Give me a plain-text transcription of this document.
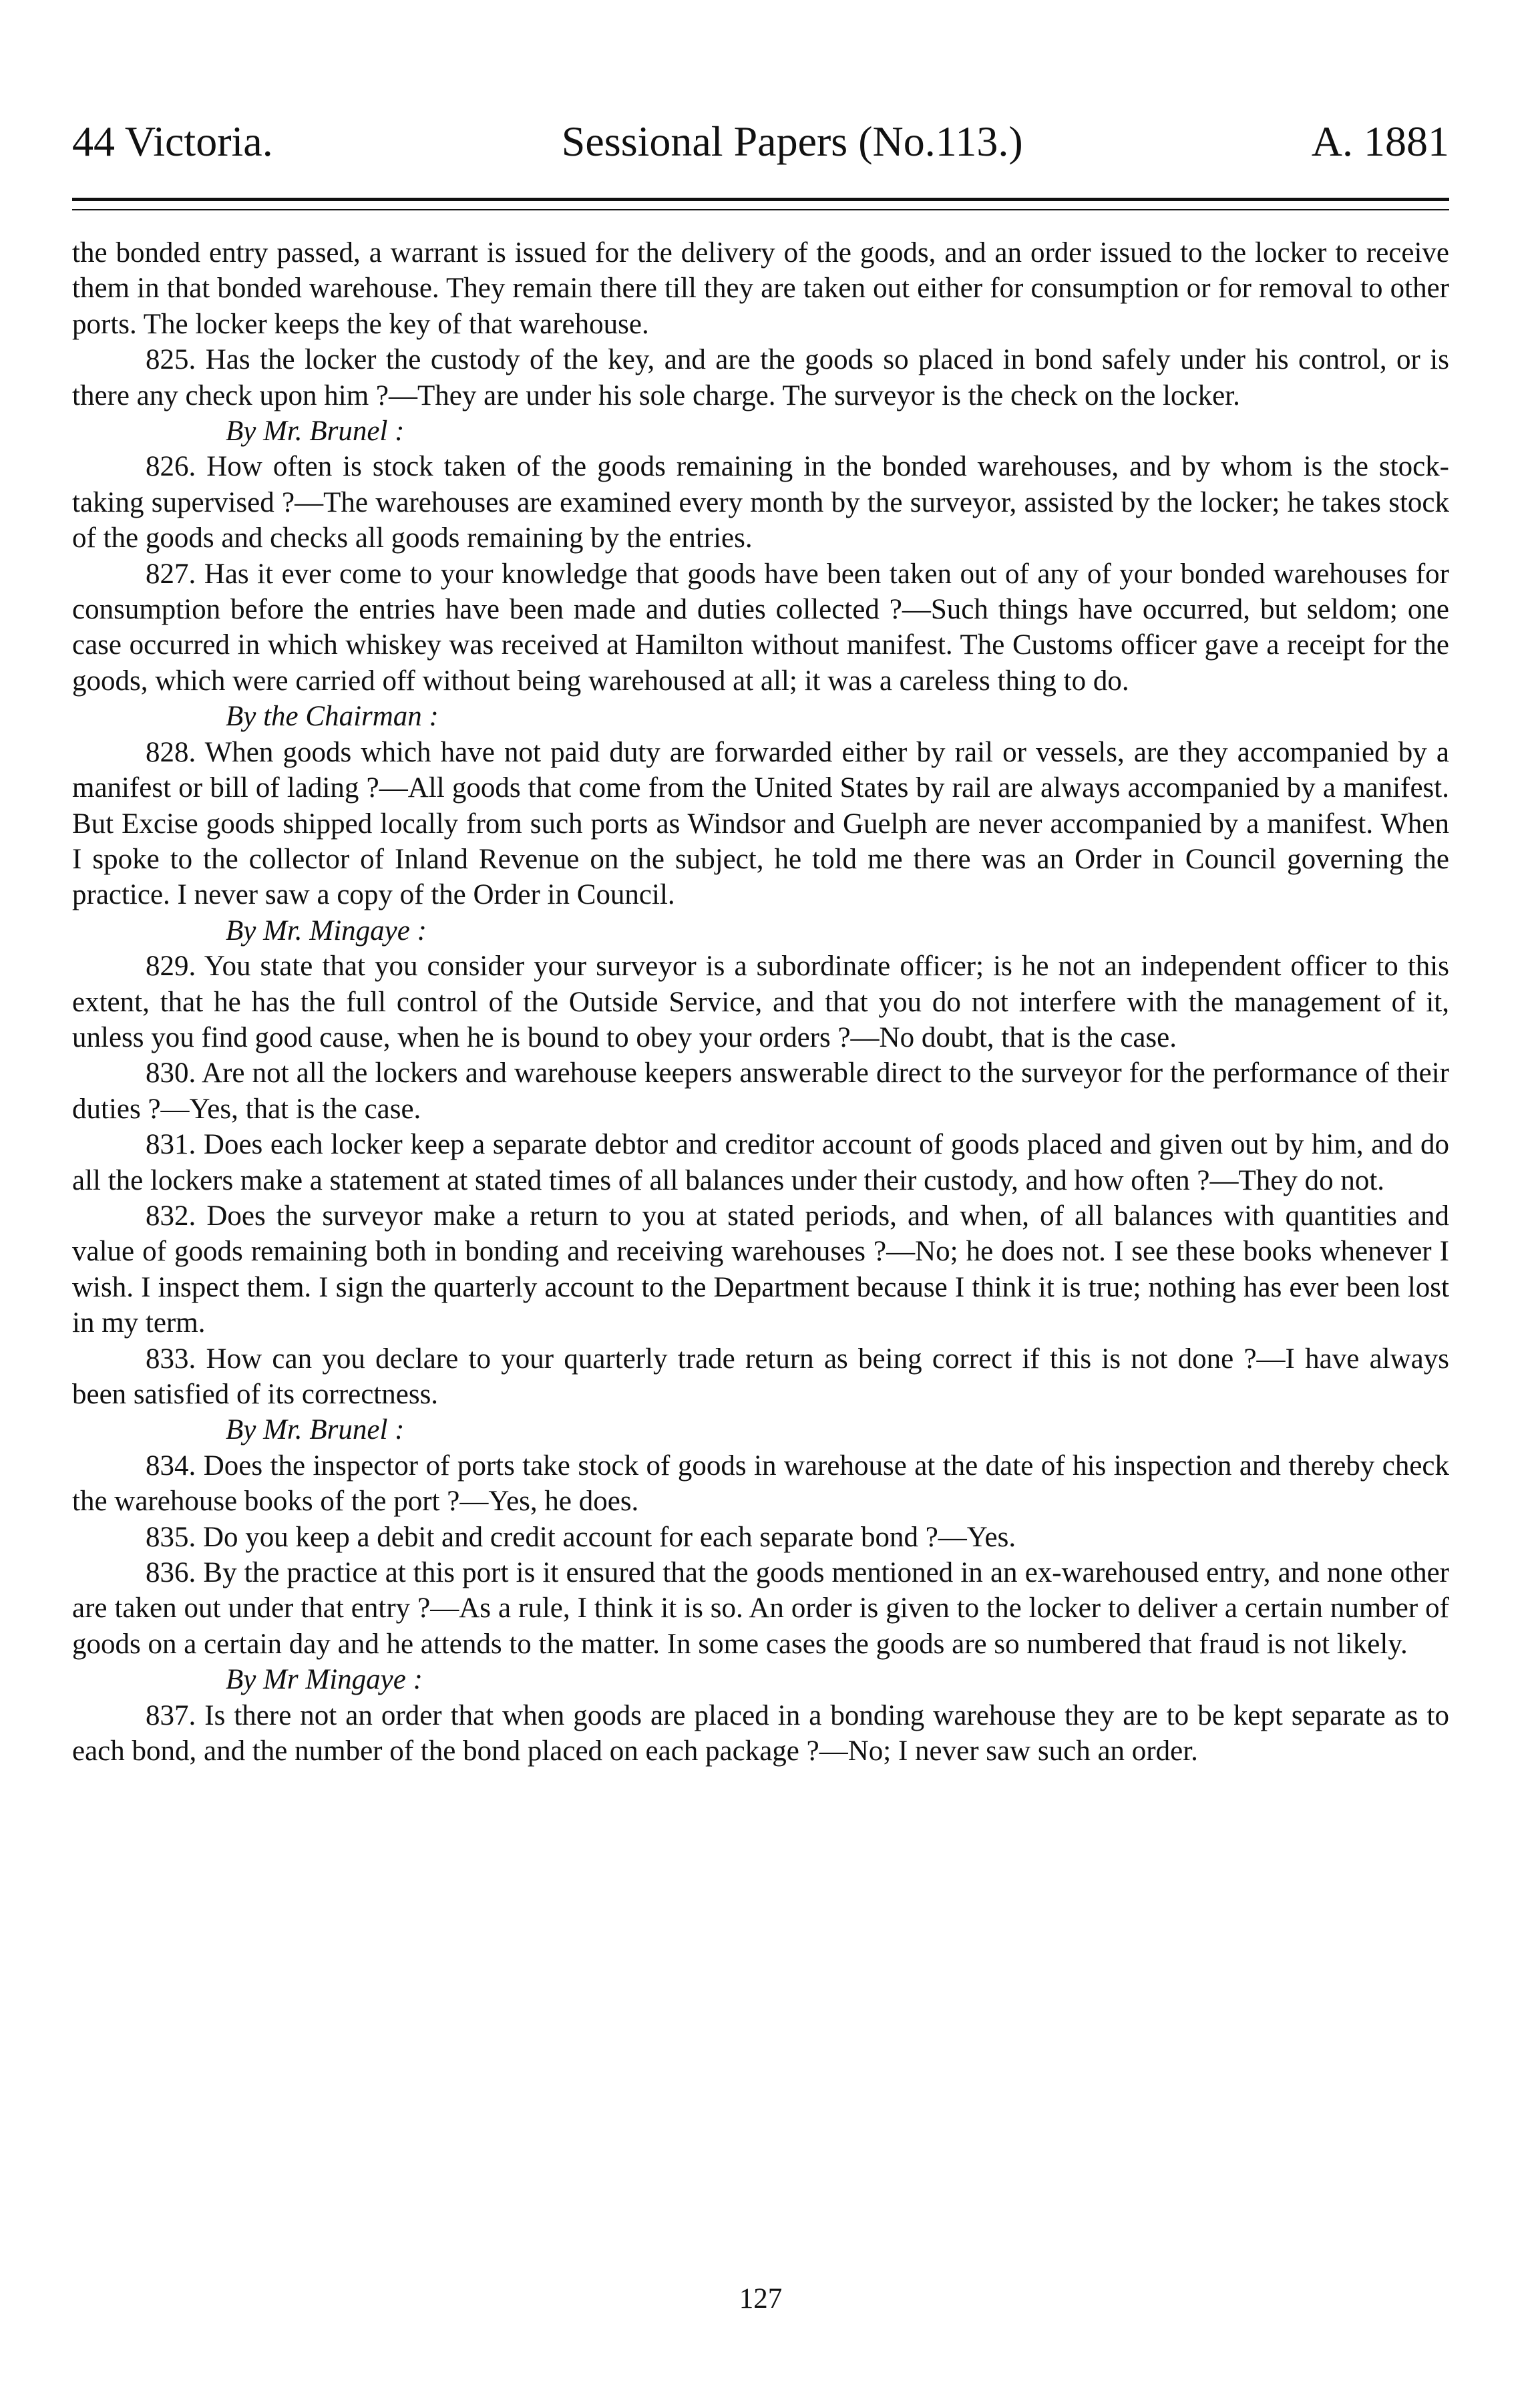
44 Victoria.	Sessional Papers (No.113.)	A. 1881

the bonded entry passed, a warrant is issued for the delivery of the goods, and an order issued to the locker to receive them in that bonded warehouse. They remain there till they are taken out either for consumption or for removal to other ports. The locker keeps the key of that warehouse.

825. Has the locker the custody of the key, and are the goods so placed in bond safely under his control, or is there any check upon him ?—They are under his sole charge. The surveyor is the check on the locker.

By Mr. Brunel :

826. How often is stock taken of the goods remaining in the bonded warehouses, and by whom is the stock-taking supervised ?—The warehouses are examined every month by the surveyor, assisted by the locker; he takes stock of the goods and checks all goods remaining by the entries.

827. Has it ever come to your knowledge that goods have been taken out of any of your bonded warehouses for consumption before the entries have been made and duties collected ?—Such things have occurred, but seldom; one case occurred in which whiskey was received at Hamilton without manifest. The Customs officer gave a receipt for the goods, which were carried off without being warehoused at all; it was a careless thing to do.

By the Chairman :

828. When goods which have not paid duty are forwarded either by rail or vessels, are they accompanied by a manifest or bill of lading ?—All goods that come from the United States by rail are always accompanied by a manifest. But Excise goods shipped locally from such ports as Windsor and Guelph are never accompanied by a manifest. When I spoke to the collector of Inland Revenue on the subject, he told me there was an Order in Council governing the practice. I never saw a copy of the Order in Council.

By Mr. Mingaye :

829. You state that you consider your surveyor is a subordinate officer; is he not an independent officer to this extent, that he has the full control of the Outside Service, and that you do not interfere with the management of it, unless you find good cause, when he is bound to obey your orders ?—No doubt, that is the case.

830. Are not all the lockers and warehouse keepers answerable direct to the surveyor for the performance of their duties ?—Yes, that is the case.

831. Does each locker keep a separate debtor and creditor account of goods placed and given out by him, and do all the lockers make a statement at stated times of all balances under their custody, and how often ?—They do not.

832. Does the surveyor make a return to you at stated periods, and when, of all balances with quantities and value of goods remaining both in bonding and receiving warehouses ?—No; he does not. I see these books whenever I wish. I inspect them. I sign the quarterly account to the Department because I think it is true; nothing has ever been lost in my term.

833. How can you declare to your quarterly trade return as being correct if this is not done ?—I have always been satisfied of its correctness.

By Mr. Brunel :

834. Does the inspector of ports take stock of goods in warehouse at the date of his inspection and thereby check the warehouse books of the port ?—Yes, he does.

835. Do you keep a debit and credit account for each separate bond ?—Yes.

836. By the practice at this port is it ensured that the goods mentioned in an ex-warehoused entry, and none other are taken out under that entry ?—As a rule, I think it is so. An order is given to the locker to deliver a certain number of goods on a certain day and he attends to the matter. In some cases the goods are so numbered that fraud is not likely.

By Mr Mingaye :

837. Is there not an order that when goods are placed in a bonding warehouse they are to be kept separate as to each bond, and the number of the bond placed on each package ?—No; I never saw such an order.

127
